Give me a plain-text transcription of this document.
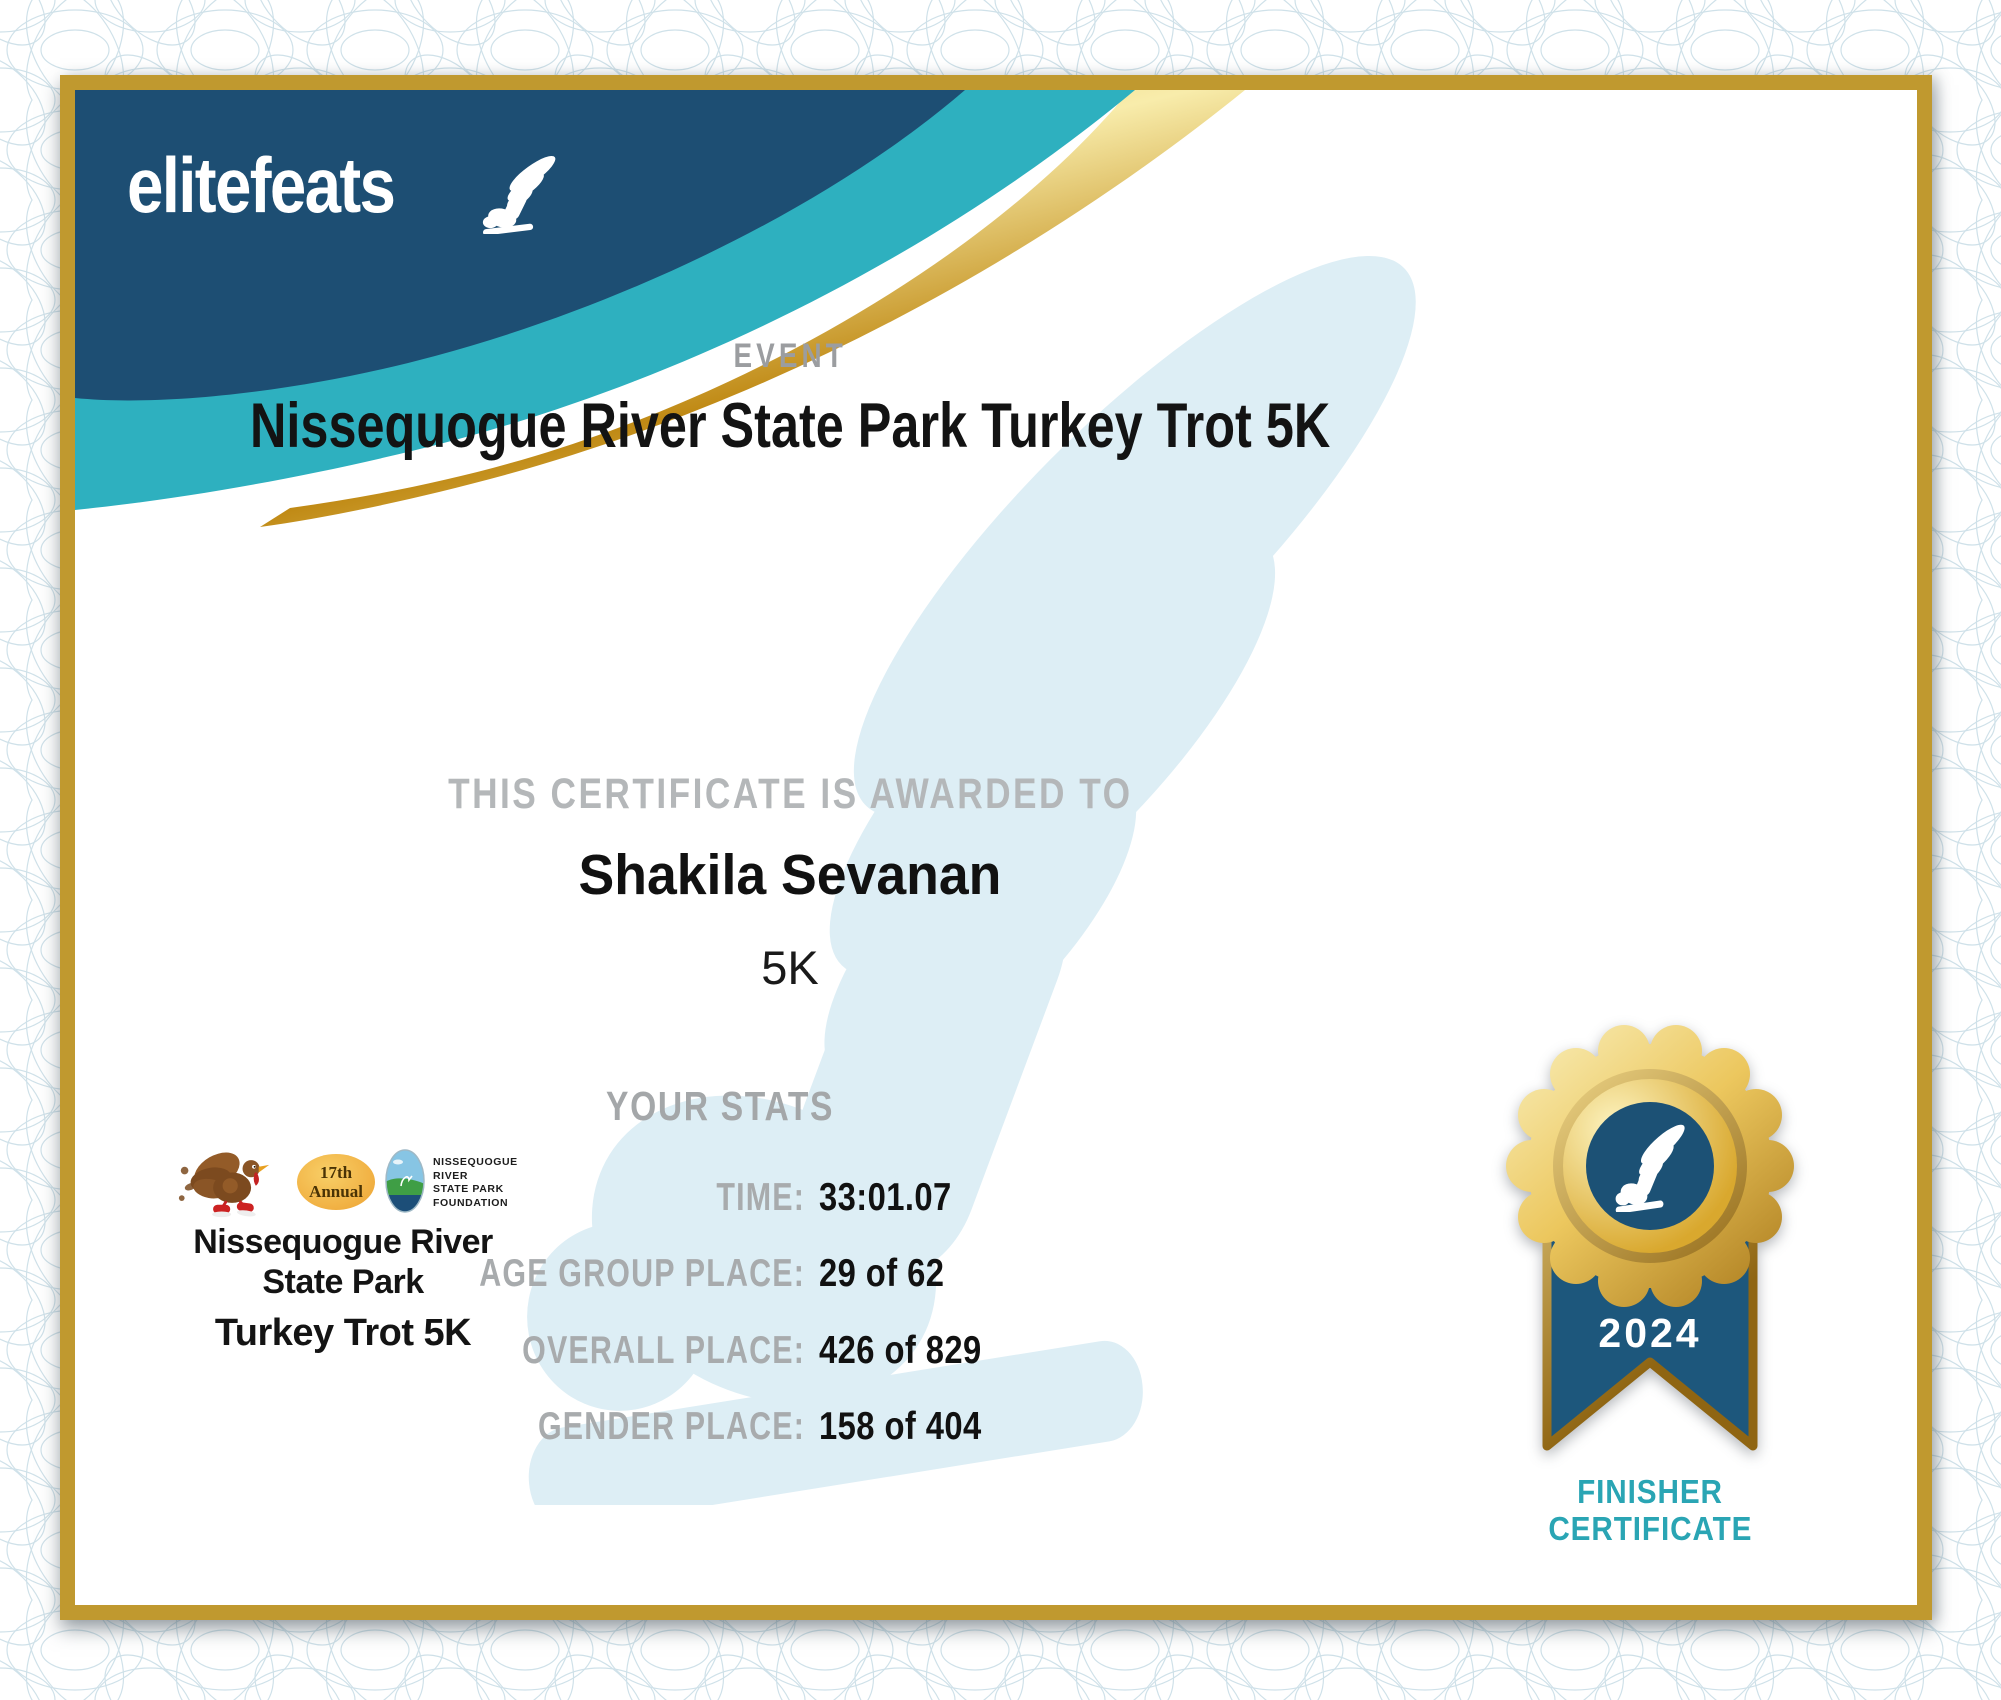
elitefeats
EVENT
Nissequogue River State Park Turkey Trot 5K
THIS CERTIFICATE IS AWARDED TO
Shakila Sevanan
5K
YOUR STATS
TIME: 33:01.07
AGE GROUP PLACE: 29 of 62
OVERALL PLACE: 426 of 829
GENDER PLACE: 158 of 404
17th
Annual
NISSEQUOGUE
RIVER
STATE PARK
FOUNDATION
Nissequogue River
State Park
Turkey Trot 5K	2024
FINISHER
CERTIFICATE
